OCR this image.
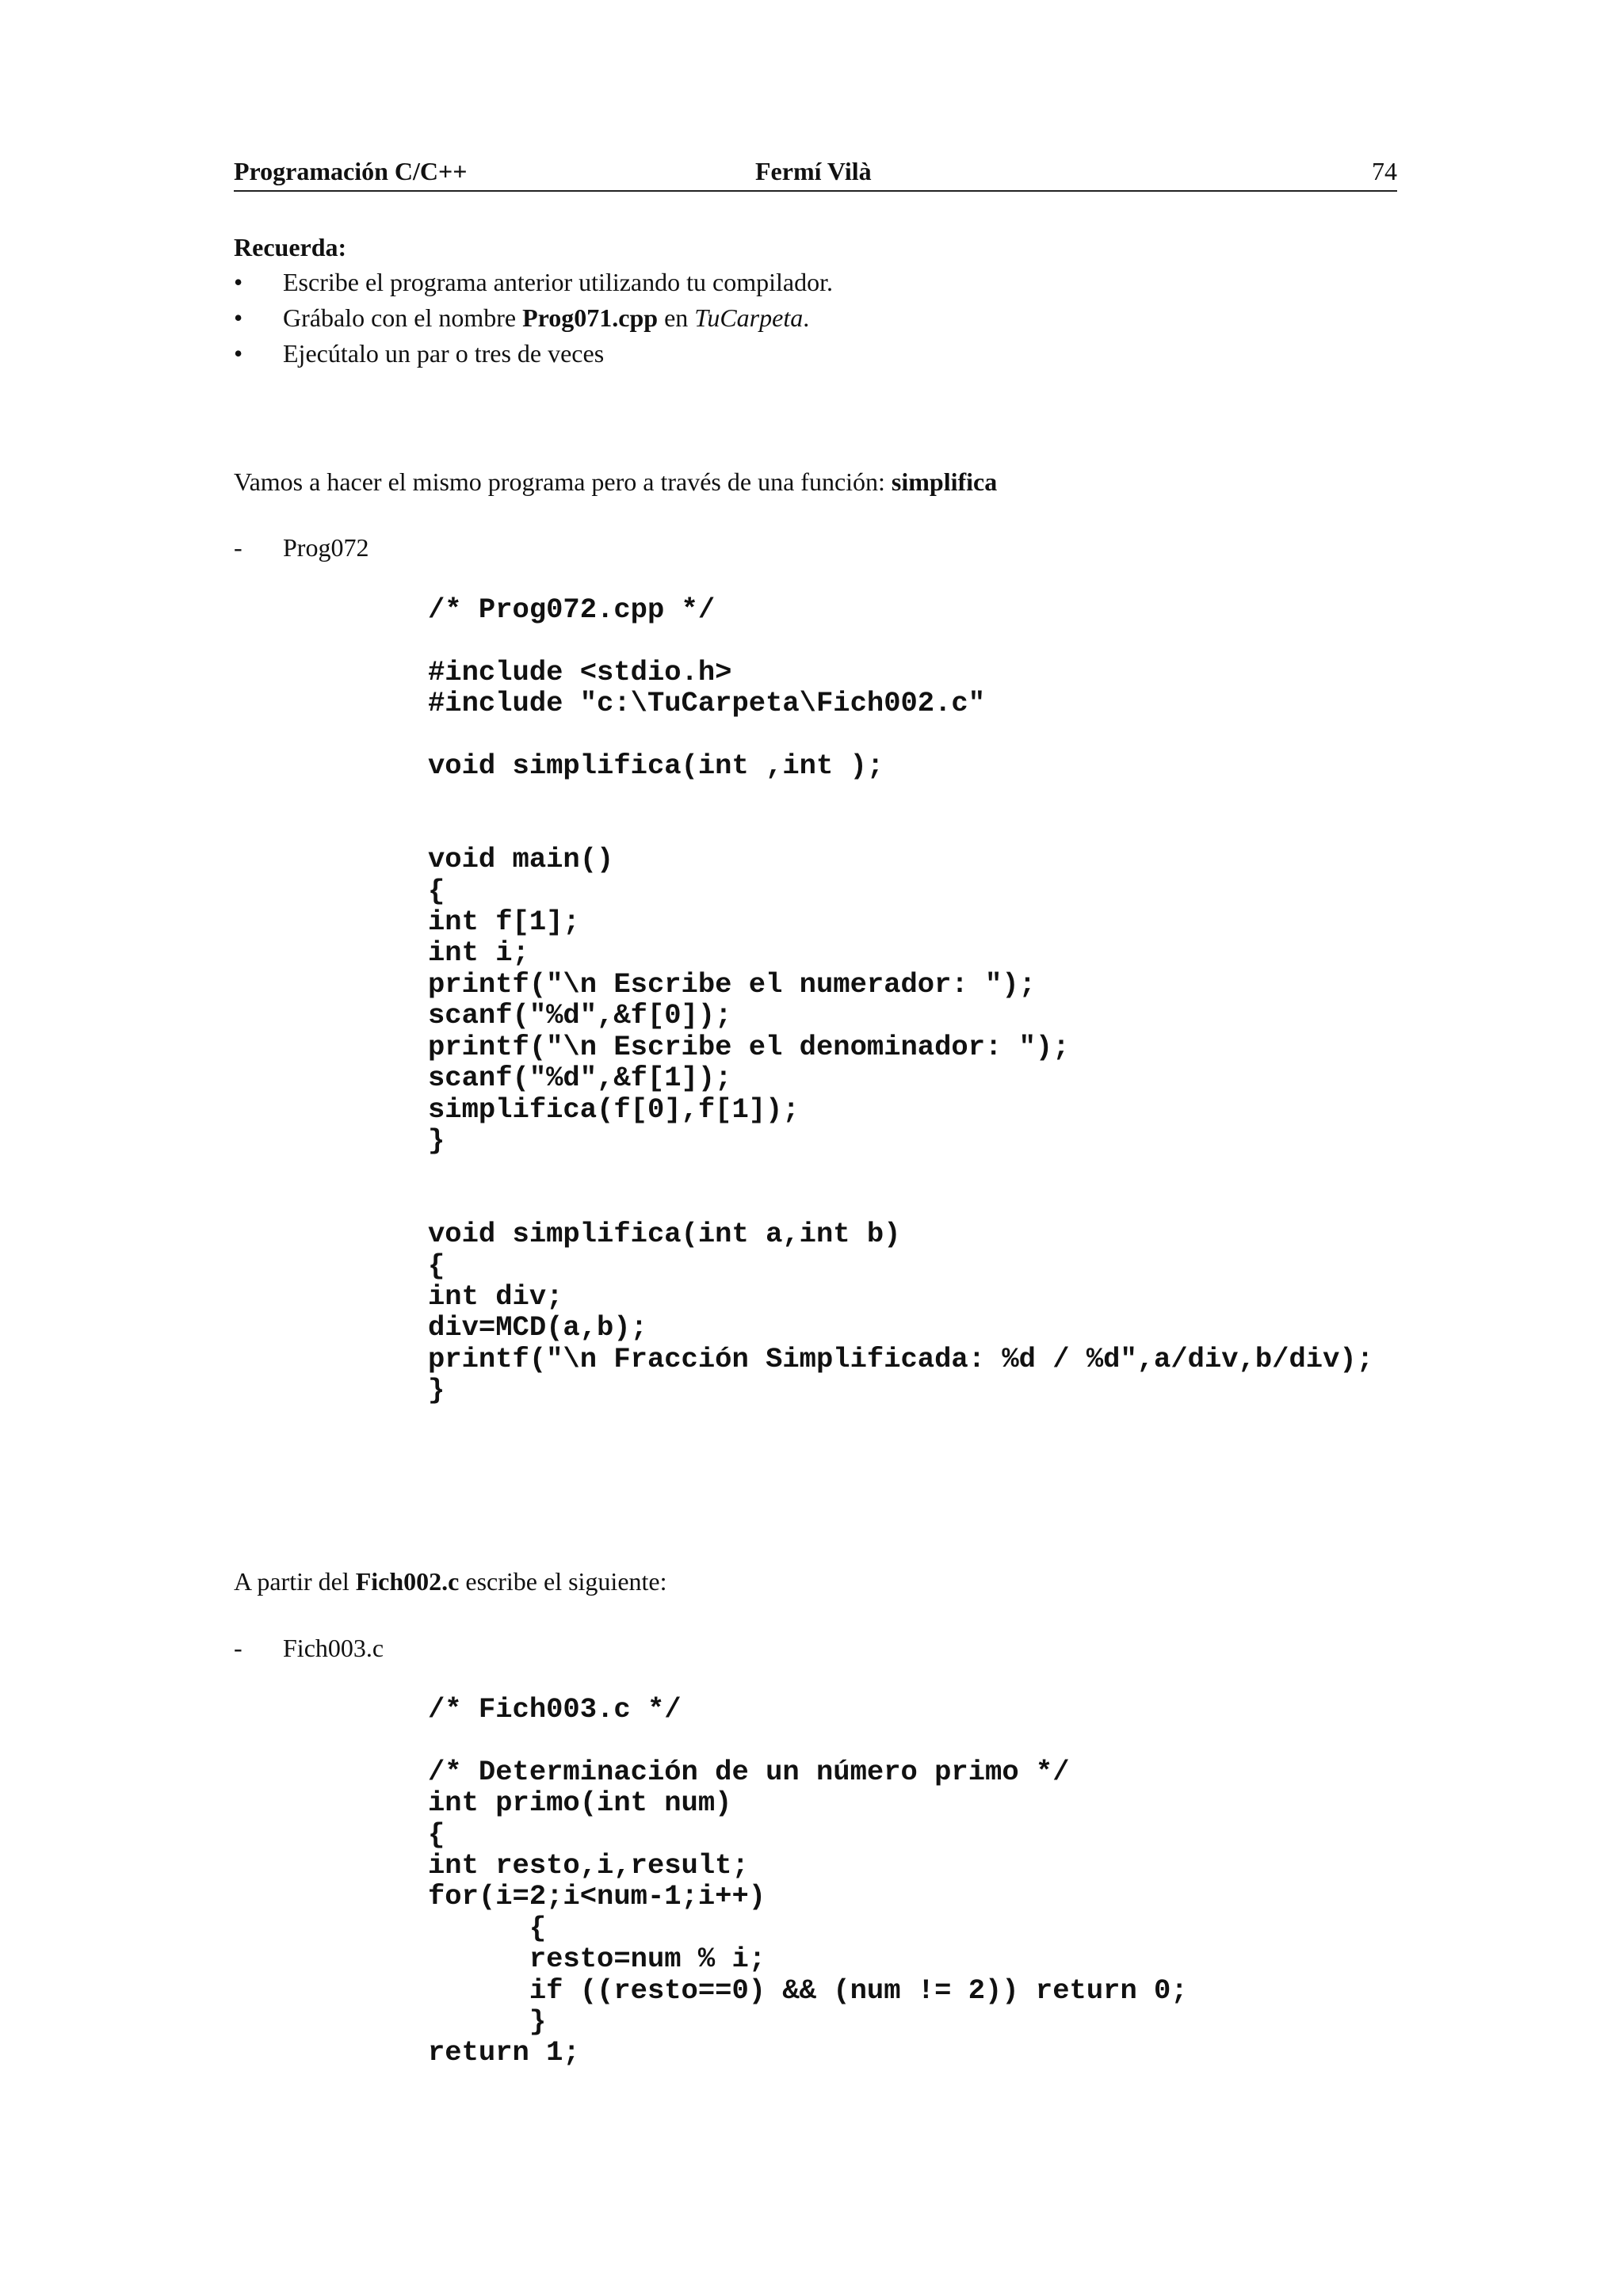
Programación C/C++	Fermí Vilà	74
Recuerda:
• Escribe el programa anterior utilizando tu compilador.
• Grábalo con el nombre Prog071.cpp en TuCarpeta.
• Ejecútalo un par o tres de veces
Vamos a hacer el mismo programa pero a través de una función: simplifica
- Prog072
/* Prog072.cpp */

#include <stdio.h>
#include "c:\TuCarpeta\Fich002.c"

void simplifica(int ,int );

void main()
{
int f[1];
int i;
printf("\n Escribe el numerador: ");
scanf("%d",&f[0]);
printf("\n Escribe el denominador: ");
scanf("%d",&f[1]);
simplifica(f[0],f[1]);
}

void simplifica(int a,int b)
{
int div;
div=MCD(a,b);
printf("\n Fracción Simplificada: %d / %d",a/div,b/div);
}
A partir del Fich002.c escribe el siguiente:
- Fich003.c
/* Fich003.c */

/* Determinación de un número primo */
int primo(int num)
{
int resto,i,result;
for(i=2;i<num-1;i++)
{
resto=num % i;
if ((resto==0) && (num != 2)) return 0;
}
return 1;
